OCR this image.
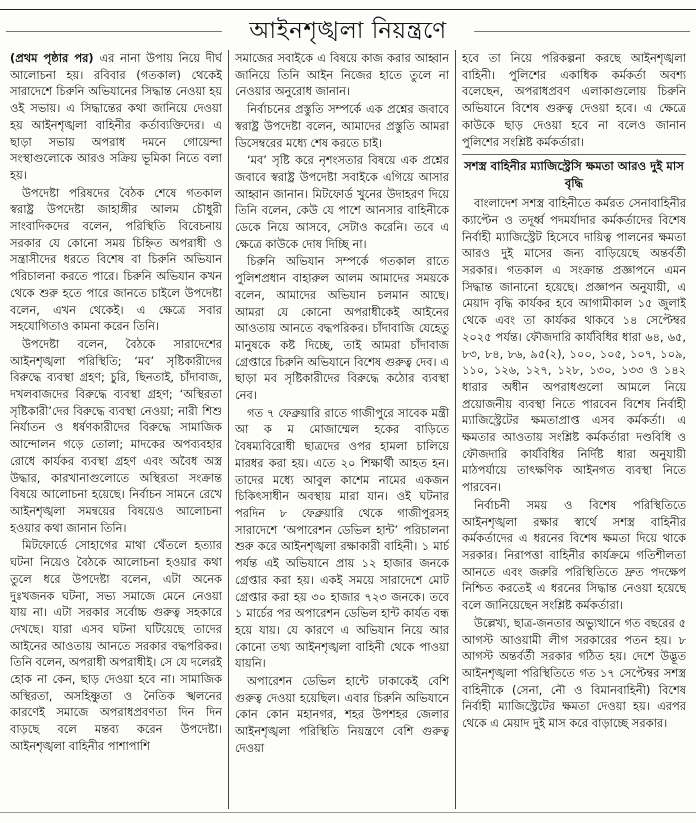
আইনশৃঙ্খলা নিয়ন্ত্রণে

(প্রথম পৃষ্ঠার পর) এর নানা উপায় নিয়ে দীর্ঘ আলোচনা হয়। রবিবার (গতকাল) থেকেই সারাদেশে চিরুনি অভিযানের সিদ্ধান্ত নেওয়া হয় ওই সভায়। এ সিদ্ধান্তের কথা জানিয়ে দেওয়া হয় আইনশৃঙ্খলা বাহিনীর কর্তাব্যক্তিদের। এ ছাড়া সভায় অপরাধ দমনে গোয়েন্দা সংস্থাগুলোকে আরও সক্রিয় ভূমিকা নিতে বলা হয়।

উপদেষ্টা পরিষদের বৈঠক শেষে গতকাল স্বরাষ্ট্র উপদেষ্টা জাহাঙ্গীর আলম চৌধুরী সাংবাদিকদের বলেন, পরিস্থিতি বিবেচনায় সরকার যে কোনো সময় চিহ্নিত অপরাধী ও সন্ত্রাসীদের ধরতে বিশেষ বা চিরুনি অভিযান পরিচালনা করতে পারে। চিরুনি অভিযান কখন থেকে শুরু হতে পারে জানতে চাইলে উপদেষ্টা বলেন, এখন থেকেই। এ ক্ষেত্রে সবার সহযোগিতাও কামনা করেন তিনি।

উপদেষ্টা বলেন, বৈঠকে সারাদেশের আইনশৃঙ্খলা পরিস্থিতি; ‘মব’ সৃষ্টিকারীদের বিরুদ্ধে ব্যবস্থা গ্রহণ; চুরি, ছিনতাই, চাঁদাবাজ, দখলবাজদের বিরুদ্ধে ব্যবস্থা গ্রহণ; ‘অস্থিরতা সৃষ্টিকারী’দের বিরুদ্ধে ব্যবস্থা নেওয়া; নারী শিশু নির্যাতন ও ধর্ষণকারীদের বিরুদ্ধে সামাজিক আন্দোলন গড়ে তোলা; মাদকের অপব্যবহার রোধে কার্যকর ব্যবস্থা গ্রহণ এবং অবৈধ অস্ত্র উদ্ধার, কারখানাগুলোতে অস্থিরতা সংক্রান্ত বিষয়ে আলোচনা হয়েছে। নির্বাচন সামনে রেখে আইনশৃঙ্খলা সমন্বয়ের বিষয়েও আলোচনা হওয়ার কথা জানান তিনি।

মিটফোর্ডে সোহাগের মাথা থেঁতলে হত্যার ঘটনা নিয়েও বৈঠকে আলোচনা হওয়ার কথা তুলে ধরে উপদেষ্টা বলেন, এটা অনেক দুঃখজনক ঘটনা, সভ্য সমাজে মেনে নেওয়া যায় না। এটা সরকার সর্বোচ্চ গুরুত্ব সহকারে দেখছে। যারা এসব ঘটনা ঘটিয়েছে তাদের আইনের আওতায় আনতে সরকার বদ্ধপরিকর। তিনি বলেন, অপরাধী অপরাধীই। সে যে দলেরই হোক না কেন, ছাড় দেওয়া হবে না। সামাজিক অস্থিরতা, অসহিষ্ণুতা ও নৈতিক স্খলনের কারণেই সমাজে অপরাধপ্রবণতা দিন দিন বাড়ছে বলে মন্তব্য করেন উপদেষ্টা। আইনশৃঙ্খলা বাহিনীর পাশাপাশি

সমাজের সবাইকে এ বিষয়ে কাজ করার আহ্বান জানিয়ে তিনি আইন নিজের হাতে তুলে না নেওয়ার অনুরোধ জানান।

নির্বাচনের প্রস্তুতি সম্পর্কে এক প্রশ্নের জবাবে স্বরাষ্ট্র উপদেষ্টা বলেন, আমাদের প্রস্তুতি আমরা ডিসেম্বরের মধ্যে শেষ করতে চাই।

‘মব’ সৃষ্টি করে নৃশংসতার বিষয়ে এক প্রশ্নের জবাবে স্বরাষ্ট্র উপদেষ্টা সবাইকে এগিয়ে আসার আহ্বান জানান। মিটফোর্ড খুনের উদাহরণ দিয়ে তিনি বলেন, কেউ যে পাশে আনসার বাহিনীকে ডেকে নিয়ে আসবে, সেটাও করেনি। তবে এ ক্ষেত্রে কাউকে দোষ দিচ্ছি না।

চিরুনি অভিযান সম্পর্কে গতকাল রাতে পুলিশপ্রধান বাহারুল আলম আমাদের সময়কে বলেন, আমাদের অভিযান চলমান আছে। আমরা যে কোনো অপরাধীকেই আইনের আওতায় আনতে বদ্ধপরিকর। চাঁদাবাজি যেহেতু মানুষকে কষ্ট দিচ্ছে, তাই আমরা চাঁদাবাজ গ্রেপ্তারে চিরুনি অভিযানে বিশেষ গুরুত্ব দেব। এ ছাড়া মব সৃষ্টিকারীদের বিরুদ্ধে কঠোর ব্যবস্থা নেব।

গত ৭ ফেব্রুয়ারি রাতে গাজীপুরে সাবেক মন্ত্রী আ ক ম মোজাম্মেল হকের বাড়িতে বৈষম্যবিরোধী ছাত্রদের ওপর হামলা চালিয়ে মারধর করা হয়। এতে ২০ শিক্ষার্থী আহত হন। তাদের মধ্যে আবুল কাশেম নামের একজন চিকিৎসাধীন অবস্থায় মারা যান। ওই ঘটনার পরদিন ৮ ফেব্রুয়ারি থেকে গাজীপুরসহ সারাদেশে ‘অপারেশন ডেভিল হান্ট’ পরিচালনা শুরু করে আইনশৃঙ্খলা রক্ষাকারী বাহিনী। ১ মার্চ পর্যন্ত এই অভিযানে প্রায় ১২ হাজার জনকে গ্রেপ্তার করা হয়। একই সময়ে সারাদেশে মোট গ্রেপ্তার করা হয় ৩০ হাজার ৭২৩ জনকে। তবে ১ মার্চের পর অপারেশন ডেভিল হান্ট কার্যত বন্ধ হয়ে যায়। যে কারণে এ অভিযান নিয়ে আর কোনো তথ্য আইনশৃঙ্খলা বাহিনী থেকে পাওয়া যায়নি।

অপারেশন ডেভিল হান্টে ঢাকাকেই বেশি গুরুত্ব দেওয়া হয়েছিল। এবার চিরুনি অভিযানে কোন কোন মহানগর, শহর উপশহর জেলার আইনশৃঙ্খলা পরিস্থিতি নিয়ন্ত্রণে বেশি গুরুত্ব দেওয়া

হবে তা নিয়ে পরিকল্পনা করছে আইনশৃঙ্খলা বাহিনী। পুলিশের একাধিক কর্মকর্তা অবশ্য বলেছেন, অপরাধপ্রবণ এলাকাগুলোয় চিরুনি অভিযানে বিশেষ গুরুত্ব দেওয়া হবে। এ ক্ষেত্রে কাউকে ছাড় দেওয়া হবে না বলেও জানান পুলিশের সংশ্লিষ্ট কর্মকর্তারা।

সশস্ত্র বাহিনীর ম্যাজিস্ট্রেসি ক্ষমতা আরও দুই মাস বৃদ্ধি

বাংলাদেশ সশস্ত্র বাহিনীতে কর্মরত সেনাবাহিনীর ক্যাপ্টেন ও তদূর্ধ্ব পদমর্যাদার কর্মকর্তাদের বিশেষ নির্বাহী ম্যাজিস্ট্রেট হিসেবে দায়িত্ব পালনের ক্ষমতা আরও দুই মাসের জন্য বাড়িয়েছে অন্তর্বর্তী সরকার। গতকাল এ সংক্রান্ত প্রজ্ঞাপনে এমন সিদ্ধান্ত জানানো হয়েছে। প্রজ্ঞাপন অনুযায়ী, এ মেয়াদ বৃদ্ধি কার্যকর হবে আগামীকাল ১৫ জুলাই থেকে এবং তা কার্যকর থাকবে ১৪ সেপ্টেম্বর ২০২৫ পর্যন্ত। ফৌজদারি কার্যবিধির ধারা ৬৪, ৬৫, ৮৩, ৮৪, ৮৬, ৯৫(২), ১০০, ১০৫, ১০৭, ১০৯, ১১০, ১২৬, ১২৭, ১২৮, ১৩০, ১৩৩ ও ১৪২ ধারার অধীন অপরাধগুলো আমলে নিয়ে প্রয়োজনীয় ব্যবস্থা নিতে পারবেন বিশেষ নির্বাহী ম্যাজিস্ট্রেটের ক্ষমতাপ্রাপ্ত এসব কর্মকর্তা। এ ক্ষমতার আওতায় সংশ্লিষ্ট কর্মকর্তারা দণ্ডবিধি ও ফৌজদারি কার্যবিধির নির্দিষ্ট ধারা অনুযায়ী মাঠপর্যায়ে তাৎক্ষণিক আইনগত ব্যবস্থা নিতে পারবেন।

নির্বাচনী সময় ও বিশেষ পরিস্থিতিতে আইনশৃঙ্খলা রক্ষার স্বার্থে সশস্ত্র বাহিনীর কর্মকর্তাদের এ ধরনের বিশেষ ক্ষমতা দিয়ে থাকে সরকার। নিরাপত্তা বাহিনীর কার্যক্রমে গতিশীলতা আনতে এবং জরুরি পরিস্থিতিতে দ্রুত পদক্ষেপ নিশ্চিত করতেই এ ধরনের সিদ্ধান্ত নেওয়া হয়েছে বলে জানিয়েছেন সংশ্লিষ্ট কর্মকর্তারা।

উল্লেখ্য, ছাত্র-জনতার অভ্যুত্থানে গত বছরের ৫ আগস্ট আওয়ামী লীগ সরকারের পতন হয়। ৮ আগস্ট অন্তর্বর্তী সরকার গঠিত হয়। দেশে উদ্ভূত আইনশৃঙ্খলা পরিস্থিতিতে গত ১৭ সেপ্টেম্বর সশস্ত্র বাহিনীকে (সেনা, নৌ ও বিমানবাহিনী) বিশেষ নির্বাহী ম্যাজিস্ট্রেটের ক্ষমতা দেওয়া হয়। এরপর থেকে এ মেয়াদ দুই মাস করে বাড়াচ্ছে সরকার।
